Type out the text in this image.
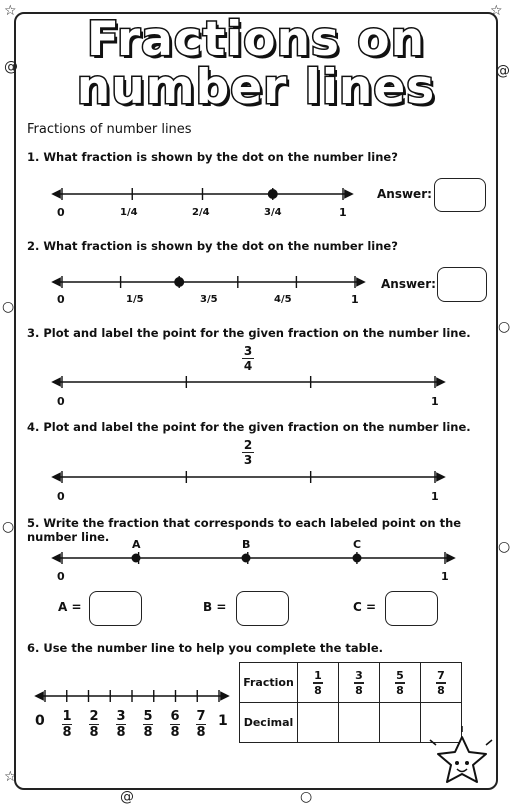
☆	☆
@	@
○
○
○
○
☆
@	○
Fractions on
number lines
Fractions of number lines
1. What fraction is shown by the dot on the number line?
0	1/4	2/4	3/4	1
Answer:
2. What fraction is shown by the dot on the number line?
0	1/5	3/5	4/5	1
Answer:
3. Plot and label the point for the given fraction on the number line.
3
4
0	1
4. Plot and label the point for the given fraction on the number line.
2
3
0	1
5. Write the fraction that corresponds to each labeled point on the number line.
A	B	C
0	1
A =	B =	C =
6. Use the number line to help you complete the table.
0	1
1
8
2
8
3
8
5
8
6
8
7
8
Fraction	$\frac{1}{8}$	$\frac{3}{8}$	$\frac{5}{8}$	$\frac{7}{8}$

Decimal				
